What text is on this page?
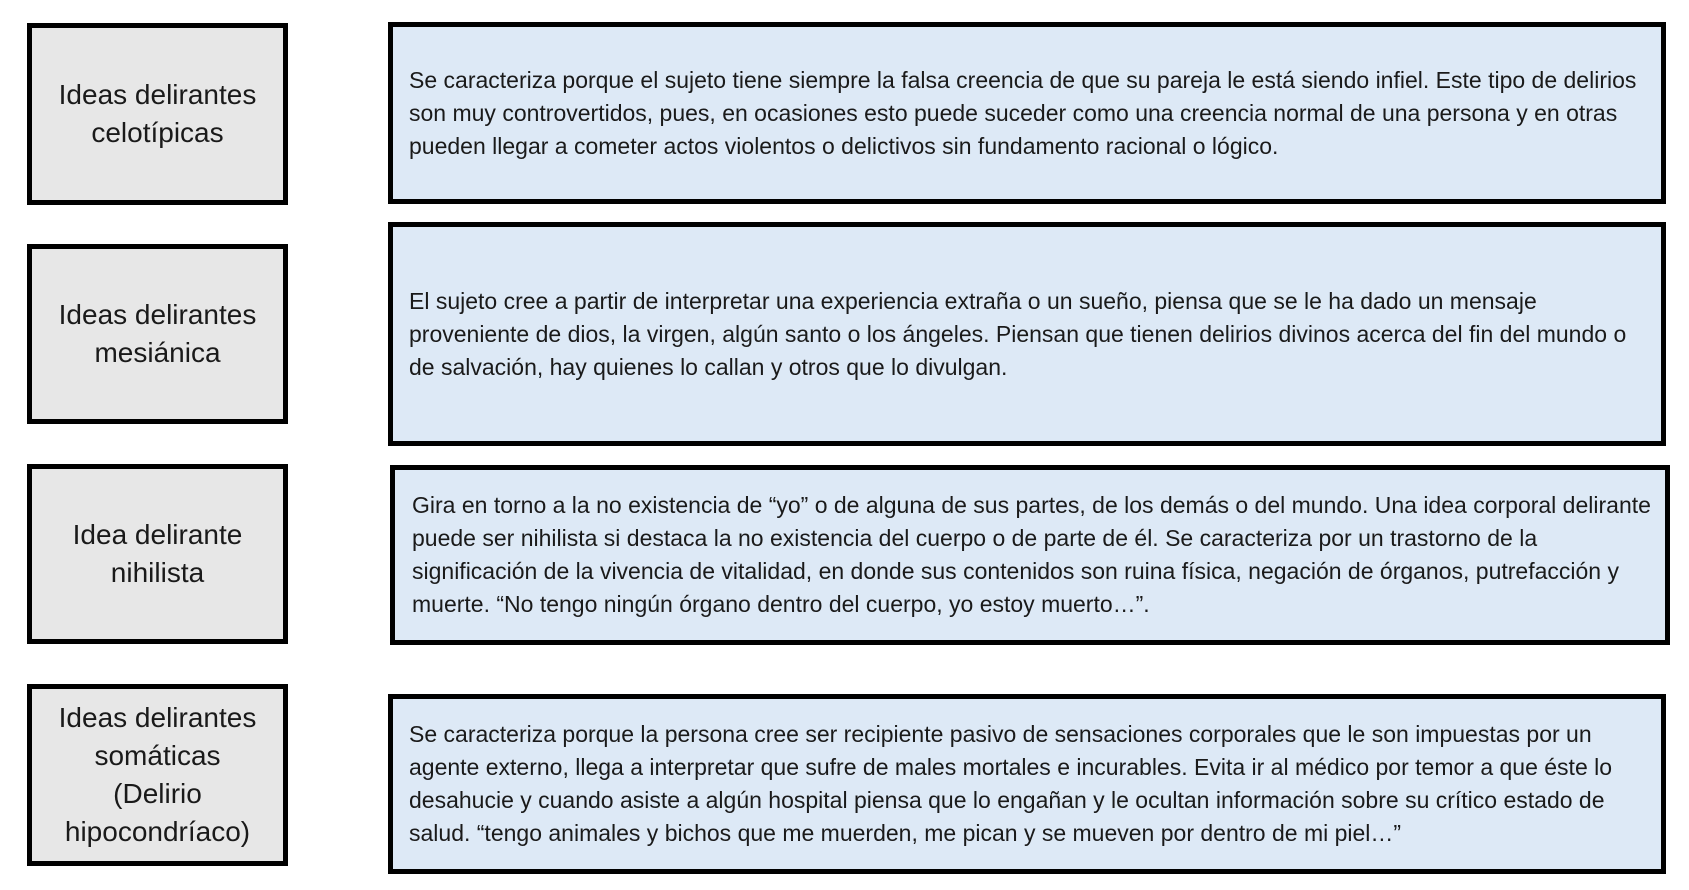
Ideas delirantes celotípicas
Se caracteriza porque el sujeto tiene siempre la falsa creencia de que su pareja le está siendo infiel. Este tipo de delirios son muy controvertidos, pues, en ocasiones esto puede suceder como una creencia normal de una persona y en otras pueden llegar a cometer actos violentos o delictivos sin fundamento racional o lógico.
Ideas delirantes mesiánica
El sujeto cree a partir de interpretar una experiencia extraña o un sueño, piensa que se le ha dado un mensaje proveniente de dios, la virgen, algún santo o los ángeles. Piensan que tienen delirios divinos acerca del fin del mundo o de salvación, hay quienes lo callan y otros que lo divulgan.
Idea delirante nihilista
Gira en torno a la no existencia de “yo” o de alguna de sus partes, de los demás o del mundo. Una idea corporal delirante puede ser nihilista si destaca la no existencia del cuerpo o de parte de él. Se caracteriza por un trastorno de la significación de la vivencia de vitalidad, en donde sus contenidos son ruina física, negación de órganos, putrefacción y muerte. “No tengo ningún órgano dentro del cuerpo, yo estoy muerto…”.
Ideas delirantes somáticas (Delirio hipocondríaco)
Se caracteriza porque la persona cree ser recipiente pasivo de sensaciones corporales que le son impuestas por un agente externo, llega a interpretar que sufre de males mortales e incurables. Evita ir al médico por temor a que éste lo desahucie y cuando asiste a algún hospital piensa que lo engañan y le ocultan información sobre su crítico estado de salud. “tengo animales y bichos que me muerden, me pican y se mueven por dentro de mi piel…”
